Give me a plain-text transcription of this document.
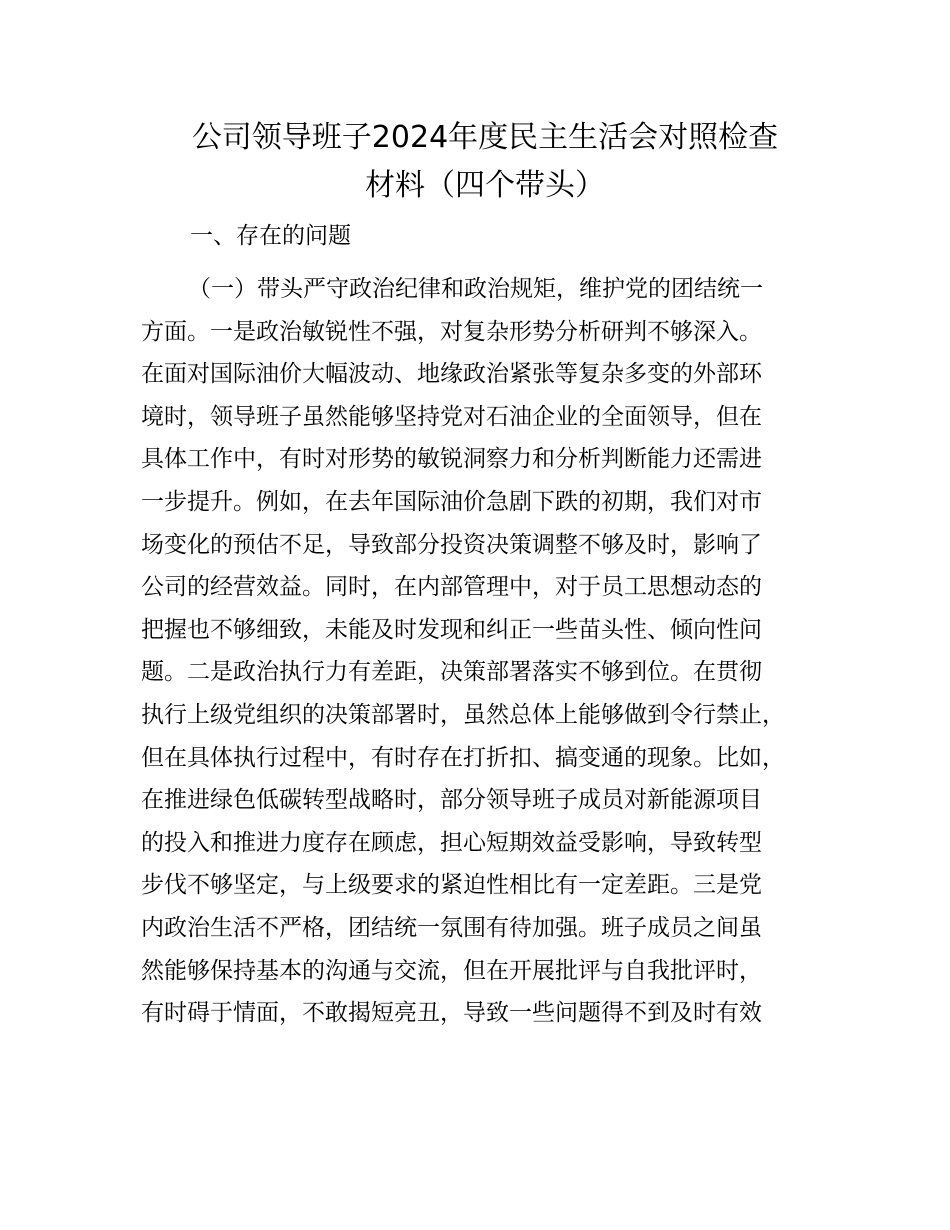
公司领导班子2024年度民主生活会对照检查
材料（四个带头）

一、存在的问题

（一）带头严守政治纪律和政治规矩，维护党的团结统一
方面。一是政治敏锐性不强，对复杂形势分析研判不够深入。
在面对国际油价大幅波动、地缘政治紧张等复杂多变的外部环
境时，领导班子虽然能够坚持党对石油企业的全面领导，但在
具体工作中，有时对形势的敏锐洞察力和分析判断能力还需进
一步提升。例如，在去年国际油价急剧下跌的初期，我们对市
场变化的预估不足，导致部分投资决策调整不够及时，影响了
公司的经营效益。同时，在内部管理中，对于员工思想动态的
把握也不够细致，未能及时发现和纠正一些苗头性、倾向性问
题。二是政治执行力有差距，决策部署落实不够到位。在贯彻
执行上级党组织的决策部署时，虽然总体上能够做到令行禁止，
但在具体执行过程中，有时存在打折扣、搞变通的现象。比如，
在推进绿色低碳转型战略时，部分领导班子成员对新能源项目
的投入和推进力度存在顾虑，担心短期效益受影响，导致转型
步伐不够坚定，与上级要求的紧迫性相比有一定差距。三是党
内政治生活不严格，团结统一氛围有待加强。班子成员之间虽
然能够保持基本的沟通与交流，但在开展批评与自我批评时，
有时碍于情面，不敢揭短亮丑，导致一些问题得不到及时有效
